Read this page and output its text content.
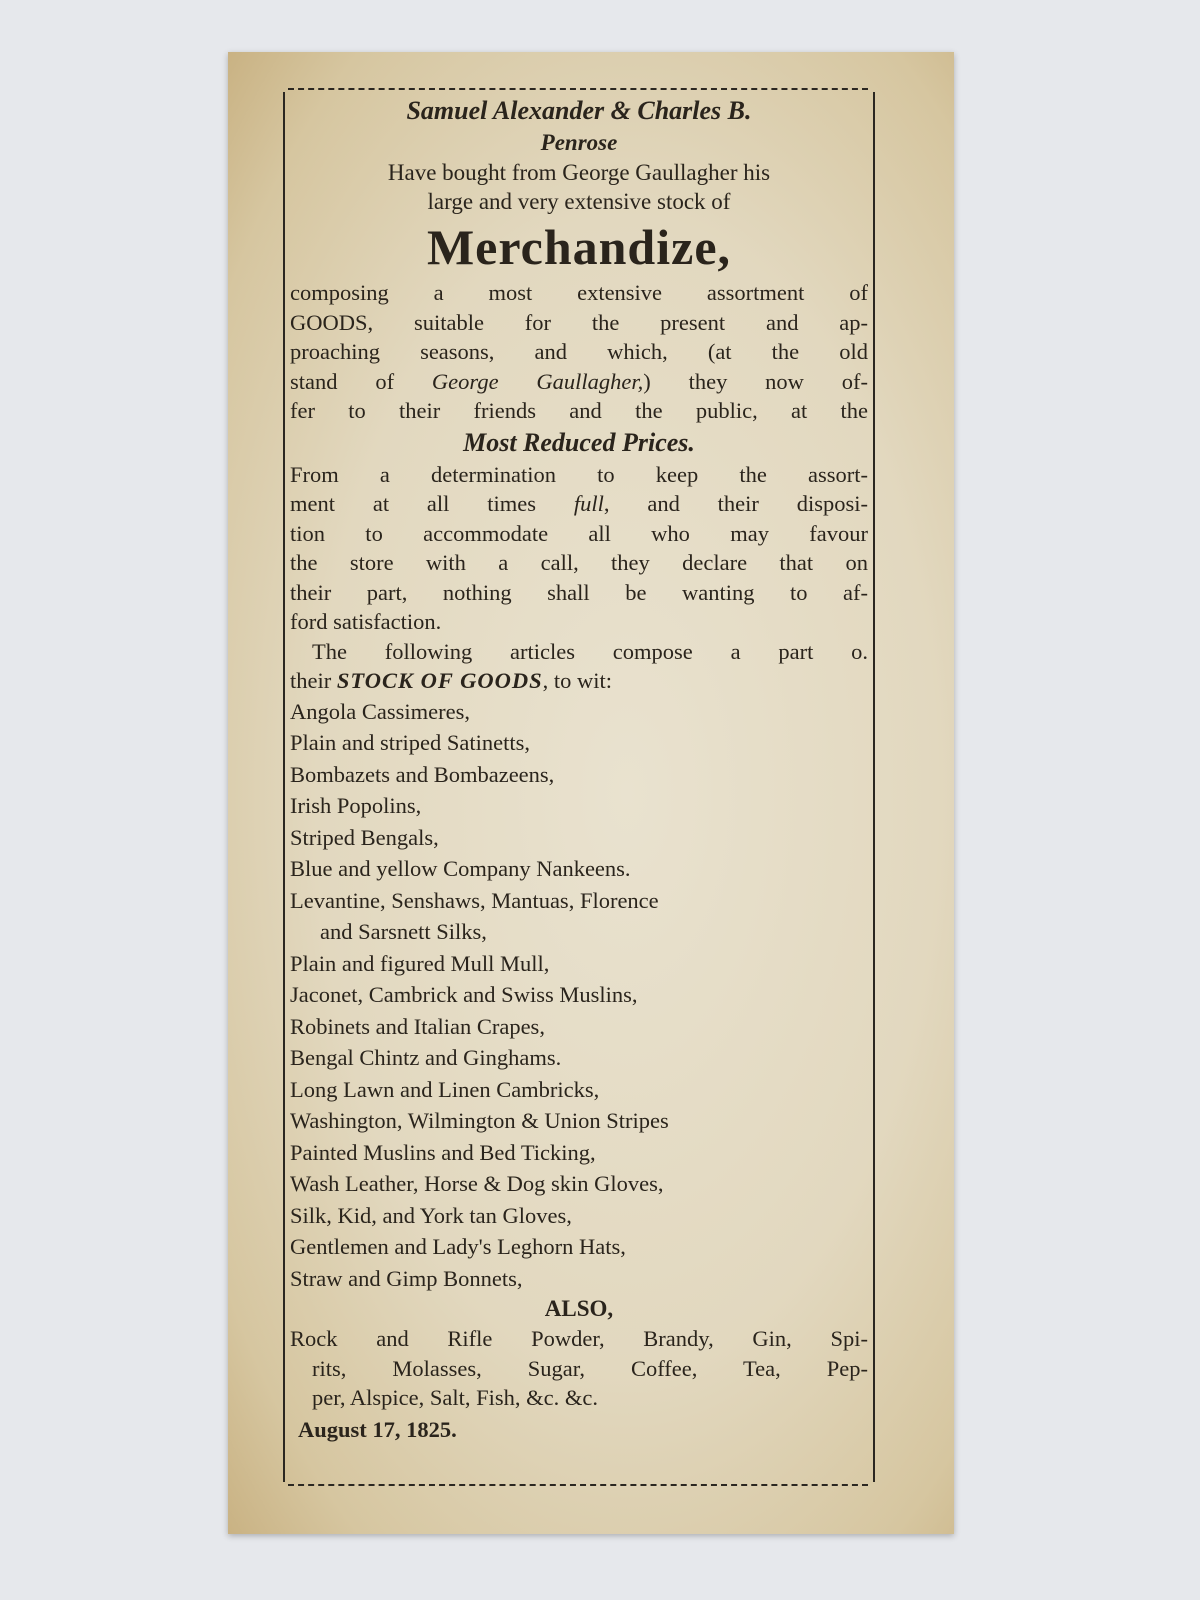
Samuel Alexander & Charles B.

Penrose

Have bought from George Gaullagher his

large and very extensive stock of

Merchandize,

composing a most extensive assortment of

GOODS, suitable for the present and ap-

proaching seasons, and which, (at the old

stand of George Gaullagher,) they now of-

fer to their friends and the public, at the

Most Reduced Prices.

From a determination to keep the assort-

ment at all times full, and their disposi-

tion to accommodate all who may favour

the store with a call, they declare that on

their part, nothing shall be wanting to af-

ford satisfaction.

The following articles compose a part o.

their STOCK OF GOODS, to wit:

Angola Cassimeres,

Plain and striped Satinetts,

Bombazets and Bombazeens,

Irish Popolins,

Striped Bengals,

Blue and yellow Company Nankeens.

Levantine, Senshaws, Mantuas, Florence

and Sarsnett Silks,

Plain and figured Mull Mull,

Jaconet, Cambrick and Swiss Muslins,

Robinets and Italian Crapes,

Bengal Chintz and Ginghams.

Long Lawn and Linen Cambricks,

Washington, Wilmington & Union Stripes

Painted Muslins and Bed Ticking,

Wash Leather, Horse & Dog skin Gloves,

Silk, Kid, and York tan Gloves,

Gentlemen and Lady's Leghorn Hats,

Straw and Gimp Bonnets,

ALSO,

Rock and Rifle Powder, Brandy, Gin, Spi-

rits, Molasses, Sugar, Coffee, Tea, Pep-

per, Alspice, Salt, Fish, &c. &c.

August 17, 1825.
